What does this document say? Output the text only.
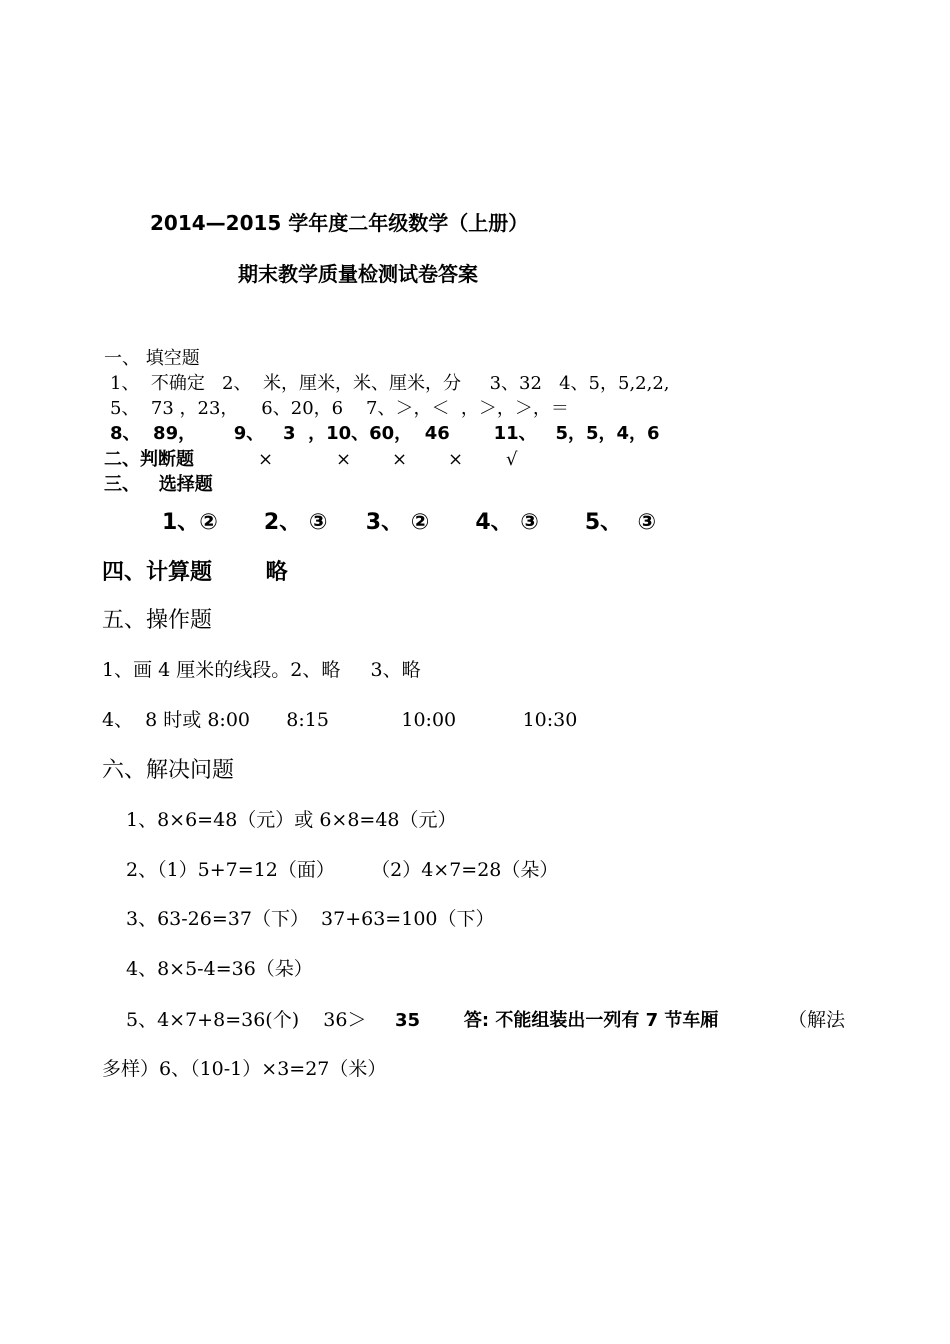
2014—2015 学年度二年级数学（上册）
期末教学质量检测试卷答案
一、 填空题
1、  不确定   2、  米，厘米，米、厘米，分     3、32   4、5，5,2,2,
5、  73 ，23，    6、20，6    7、＞，＜  ，＞，＞，＝
8、  89，      9、   3  ，10、60，  46       11、   5，5，4，6
二、判断题	×	× × × √
三、   选择题
1、②      2、 ③     3、 ②      4、 ③      5、  ③
四、计算题       略
五、操作题
1、画 4 厘米的线段。2、略     3、略
4、  8 时或 8:00      8:15            10:00           10:30
六、解决问题
1、8×6=48（元）或 6×8=48（元）
2、（1）5+7=12（面）      （2）4×7=28（朵）
3、63-26=37（下）  37+63=100（下）
4、8×5-4=36（朵）
5、4×7+8=36(个)    36＞ 35       答: 不能组装出一列有 7 节车厢	（解法
多样）6、（10-1）×3=27（米）
